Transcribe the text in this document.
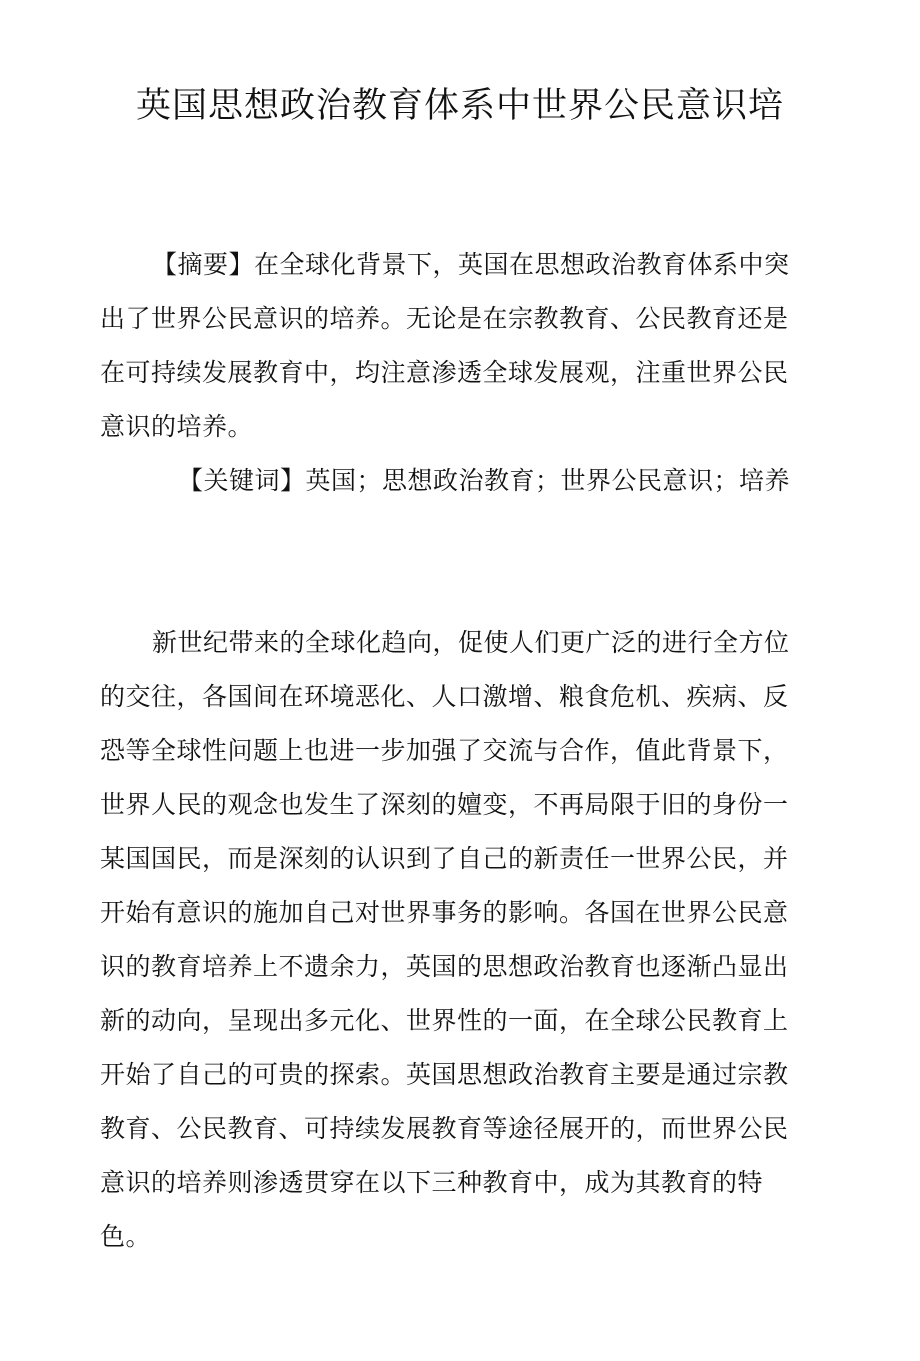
英国思想政治教育体系中世界公民意识培

【摘要】在全球化背景下，英国在思想政治教育体系中突出了世界公民意识的培养。无论是在宗教教育、公民教育还是在可持续发展教育中，均注意渗透全球发展观，注重世界公民意识的培养。

【关键词】英国；思想政治教育；世界公民意识；培养

新世纪带来的全球化趋向，促使人们更广泛的进行全方位的交往，各国间在环境恶化、人口激增、粮食危机、疾病、反恐等全球性问题上也进一步加强了交流与合作，值此背景下，世界人民的观念也发生了深刻的嬗变，不再局限于旧的身份一某国国民，而是深刻的认识到了自己的新责任一世界公民，并开始有意识的施加自己对世界事务的影响。各国在世界公民意识的教育培养上不遗余力，英国的思想政治教育也逐渐凸显出新的动向，呈现出多元化、世界性的一面，在全球公民教育上开始了自己的可贵的探索。英国思想政治教育主要是通过宗教教育、公民教育、可持续发展教育等途径展开的，而世界公民意识的培养则渗透贯穿在以下三种教育中，成为其教育的特色。
